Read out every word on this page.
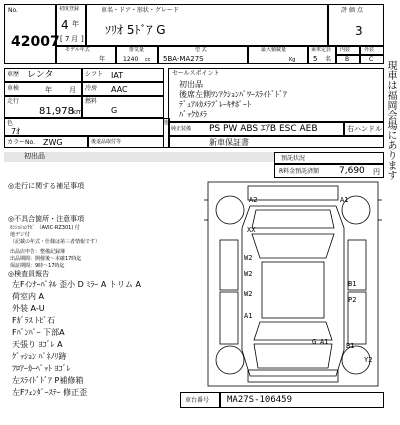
No.
42007
初度登録
4 年
[ 7 月 ]
車名・ドア・形状・グレード
ｿﾘｵ 5ﾄﾞｱ G
評 価 点
3
モデル年式
年
排気量
1240 cc
型 式
5BA-MA27S
最大積載量
Kg
乗車定員
5 名
内装	外装
B	C
車歴 レンタ
車検	年 月
走行
81,978
km
色
7ｵ
カラーNo. ZWG	後退品取付等
シフト IAT
冷房 AAC
燃料
G
他
セールスポイント
初出品
後席左側ﾜﾝｱｸｼｮﾝﾊﾟﾜｰｽﾗｲﾄﾞﾄﾞｱ
ﾃﾞｭｱﾙｶﾒﾗﾌﾞﾚｰｷｻﾎﾟｰﾄ
ﾊﾞｯｸｶﾒﾗ
純正装備 PS PW ABS ｴｱB ESC AEB	右ハンドル
新車保証書
初出品	預託状況
R料金預託済額 7,690 円
◎走行に関する補足事項
◎不具合箇所・注意事項
ｾﾝｼｮｼｮﾝﾅﾋﾞ （AVIC-RZ301) 付
地デジ付
（記載の年式・仕様は第三者情報です）
出品店申告：整備記録簿
出品期間：開催後〜本確17時迄
保証期間：9時〜17時迄
◎検査員報告
左Fｲﾝﾅｰﾊﾟﾈﾙ 歪小 D ﾐﾗｰ A トリム A
荷室内 A
外装 A-U
Fｶﾞﾗｽ ﾄﾋﾞ石
Fﾊﾞﾝﾊﾟｰ 下部A
天張り ﾖｺﾞﾚ A
ｸﾞｯｼｮﾝ ﾊﾟﾈﾉﾘ跡
ﾌﾛｱｰｶｰﾍﾟｯﾄ ﾖｺﾞﾚ
左ｽﾗｲﾄﾞﾄﾞｱ P補修箱
左Fﾌｪﾝﾀﾞｰｽﾃｰ 修正歪
A2	A1
XX
W2
W2
W2
B1
P2
A1
G A1	B1
Y2
車台番号 MA27S-106459
現車は福岡会場にあります
